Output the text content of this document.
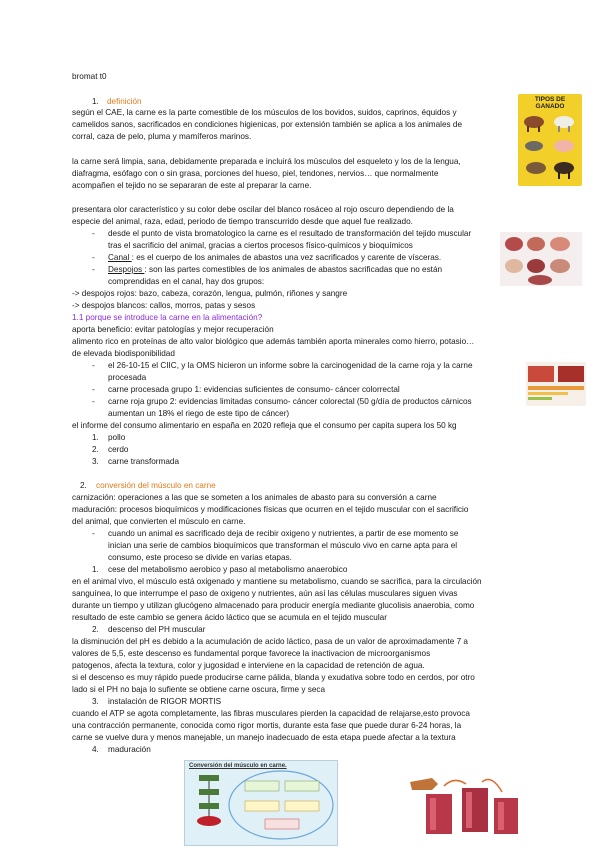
bromat t0
1. definición
según el CAE, la carne es la parte comestible de los músculos de los bovidos, suidos, caprinos, équidos y
camelidos sanos, sacrificados en condiciones higienicas, por extensión también se aplica a los animales de
corral, caza de pelo, pluma y mamíferos marinos.
la carne será limpia, sana, debidamente preparada e incluirá los músculos del esqueleto y los de la lengua,
diafragma, esófago con o sin grasa, porciones del hueso, piel, tendones, nervios… que normalmente
acompañen el tejido no se separaran de este al preparar la carne.
presentara olor característico y su color debe oscilar del blanco rosáceo al rojo oscuro dependiendo de la
especie del animal, raza, edad, periodo de tiempo transcurrido desde que aquel fue realizado.
- desde el punto de vista bromatologico la carne es el resultado de transformación del tejido muscular
tras el sacrificio del animal, gracias a ciertos procesos físico-químicos y bioquímicos
- Canal : es el cuerpo de los animales de abastos una vez sacrificados y carente de vísceras.
- Despojos : son las partes comestibles de los animales de abastos sacrificadas que no están
comprendidas en el canal, hay dos grupos:
-> despojos rojos: bazo, cabeza, corazón, lengua, pulmón, riñones y sangre
-> despojos blancos: callos, morros, patas y sesos
1.1 porque se introduce la carne en la alimentación?
aporta beneficio: evitar patologías y mejor recuperación
alimento rico en proteínas de alto valor biológico que además también aporta minerales como hierro, potasio…
de elevada biodisponibilidad
- el 26-10-15 el CIIC, y la OMS hicieron un informe sobre la carcinogenidad de la carne roja y la carne
procesada
- carne procesada grupo 1: evidencias suficientes de consumo- cáncer colorrectal
- carne roja grupo 2: evidencias limitadas consumo- cáncer colorectal (50 g/día de productos cárnicos
aumentan un 18% el riego de este tipo de cáncer)
el informe del consumo alimentario en españa en 2020 refleja que el consumo per capita supera los 50 kg
1. pollo
2. cerdo
3. carne transformada
2. conversión del músculo en carne
carnización: operaciones a las que se someten a los animales de abasto para su conversión a carne
maduración: procesos bioquímicos y modificaciones físicas que ocurren en el tejido muscular con el sacrificio
del animal, que convierten el músculo en carne.
- cuando un animal es sacrificado deja de recibir oxigeno y nutrientes, a partir de ese momento se
inician una serie de cambios bioquímicos que transforman el músculo vivo en carne apta para el
consumo, este proceso se divide en varias etapas.
1. cese del metabolismo aerobico y paso al metabolismo anaerobico
en el animal vivo, el músculo está oxigenado y mantiene su metabolismo, cuando se sacrifica, para la circulación
sanguínea, lo que interrumpe el paso de oxigeno y nutrientes, aún así las células musculares siguen vivas
durante un tiempo y utilizan glucógeno almacenado para producir energía mediante glucolisis anaerobia, como
resultado de este cambio se genera ácido láctico que se acumula en el tejido muscular
2. descenso del PH muscular
la disminución del pH es debido a la acumulación de acido láctico, pasa de un valor de aproximadamente 7 a
valores de 5,5, este descenso es fundamental porque favorece la inactivacion de microorganismos
patogenos, afecta la textura, color y jugosidad e interviene en la capacidad de retención de agua.
si el descenso es muy rápido puede producirse carne pálida, blanda y exudativa sobre todo en cerdos, por otro
lado si el PH no baja lo sufiente se obtiene carne oscura, firme y seca
3. instalación de RIGOR MORTIS
cuando el ATP se agota completamente, las fibras musculares pierden la capacidad de relajarse,esto provoca
una contracción permanente, conocida como rigor mortis, durante esta fase que puede durar 6-24 horas, la
carne se vuelve dura y menos manejable, un manejo inadecuado de esta etapa puede afectar a la textura
4. maduración
TIPOS DE
GANADO
Conversión del músculo en carne.
